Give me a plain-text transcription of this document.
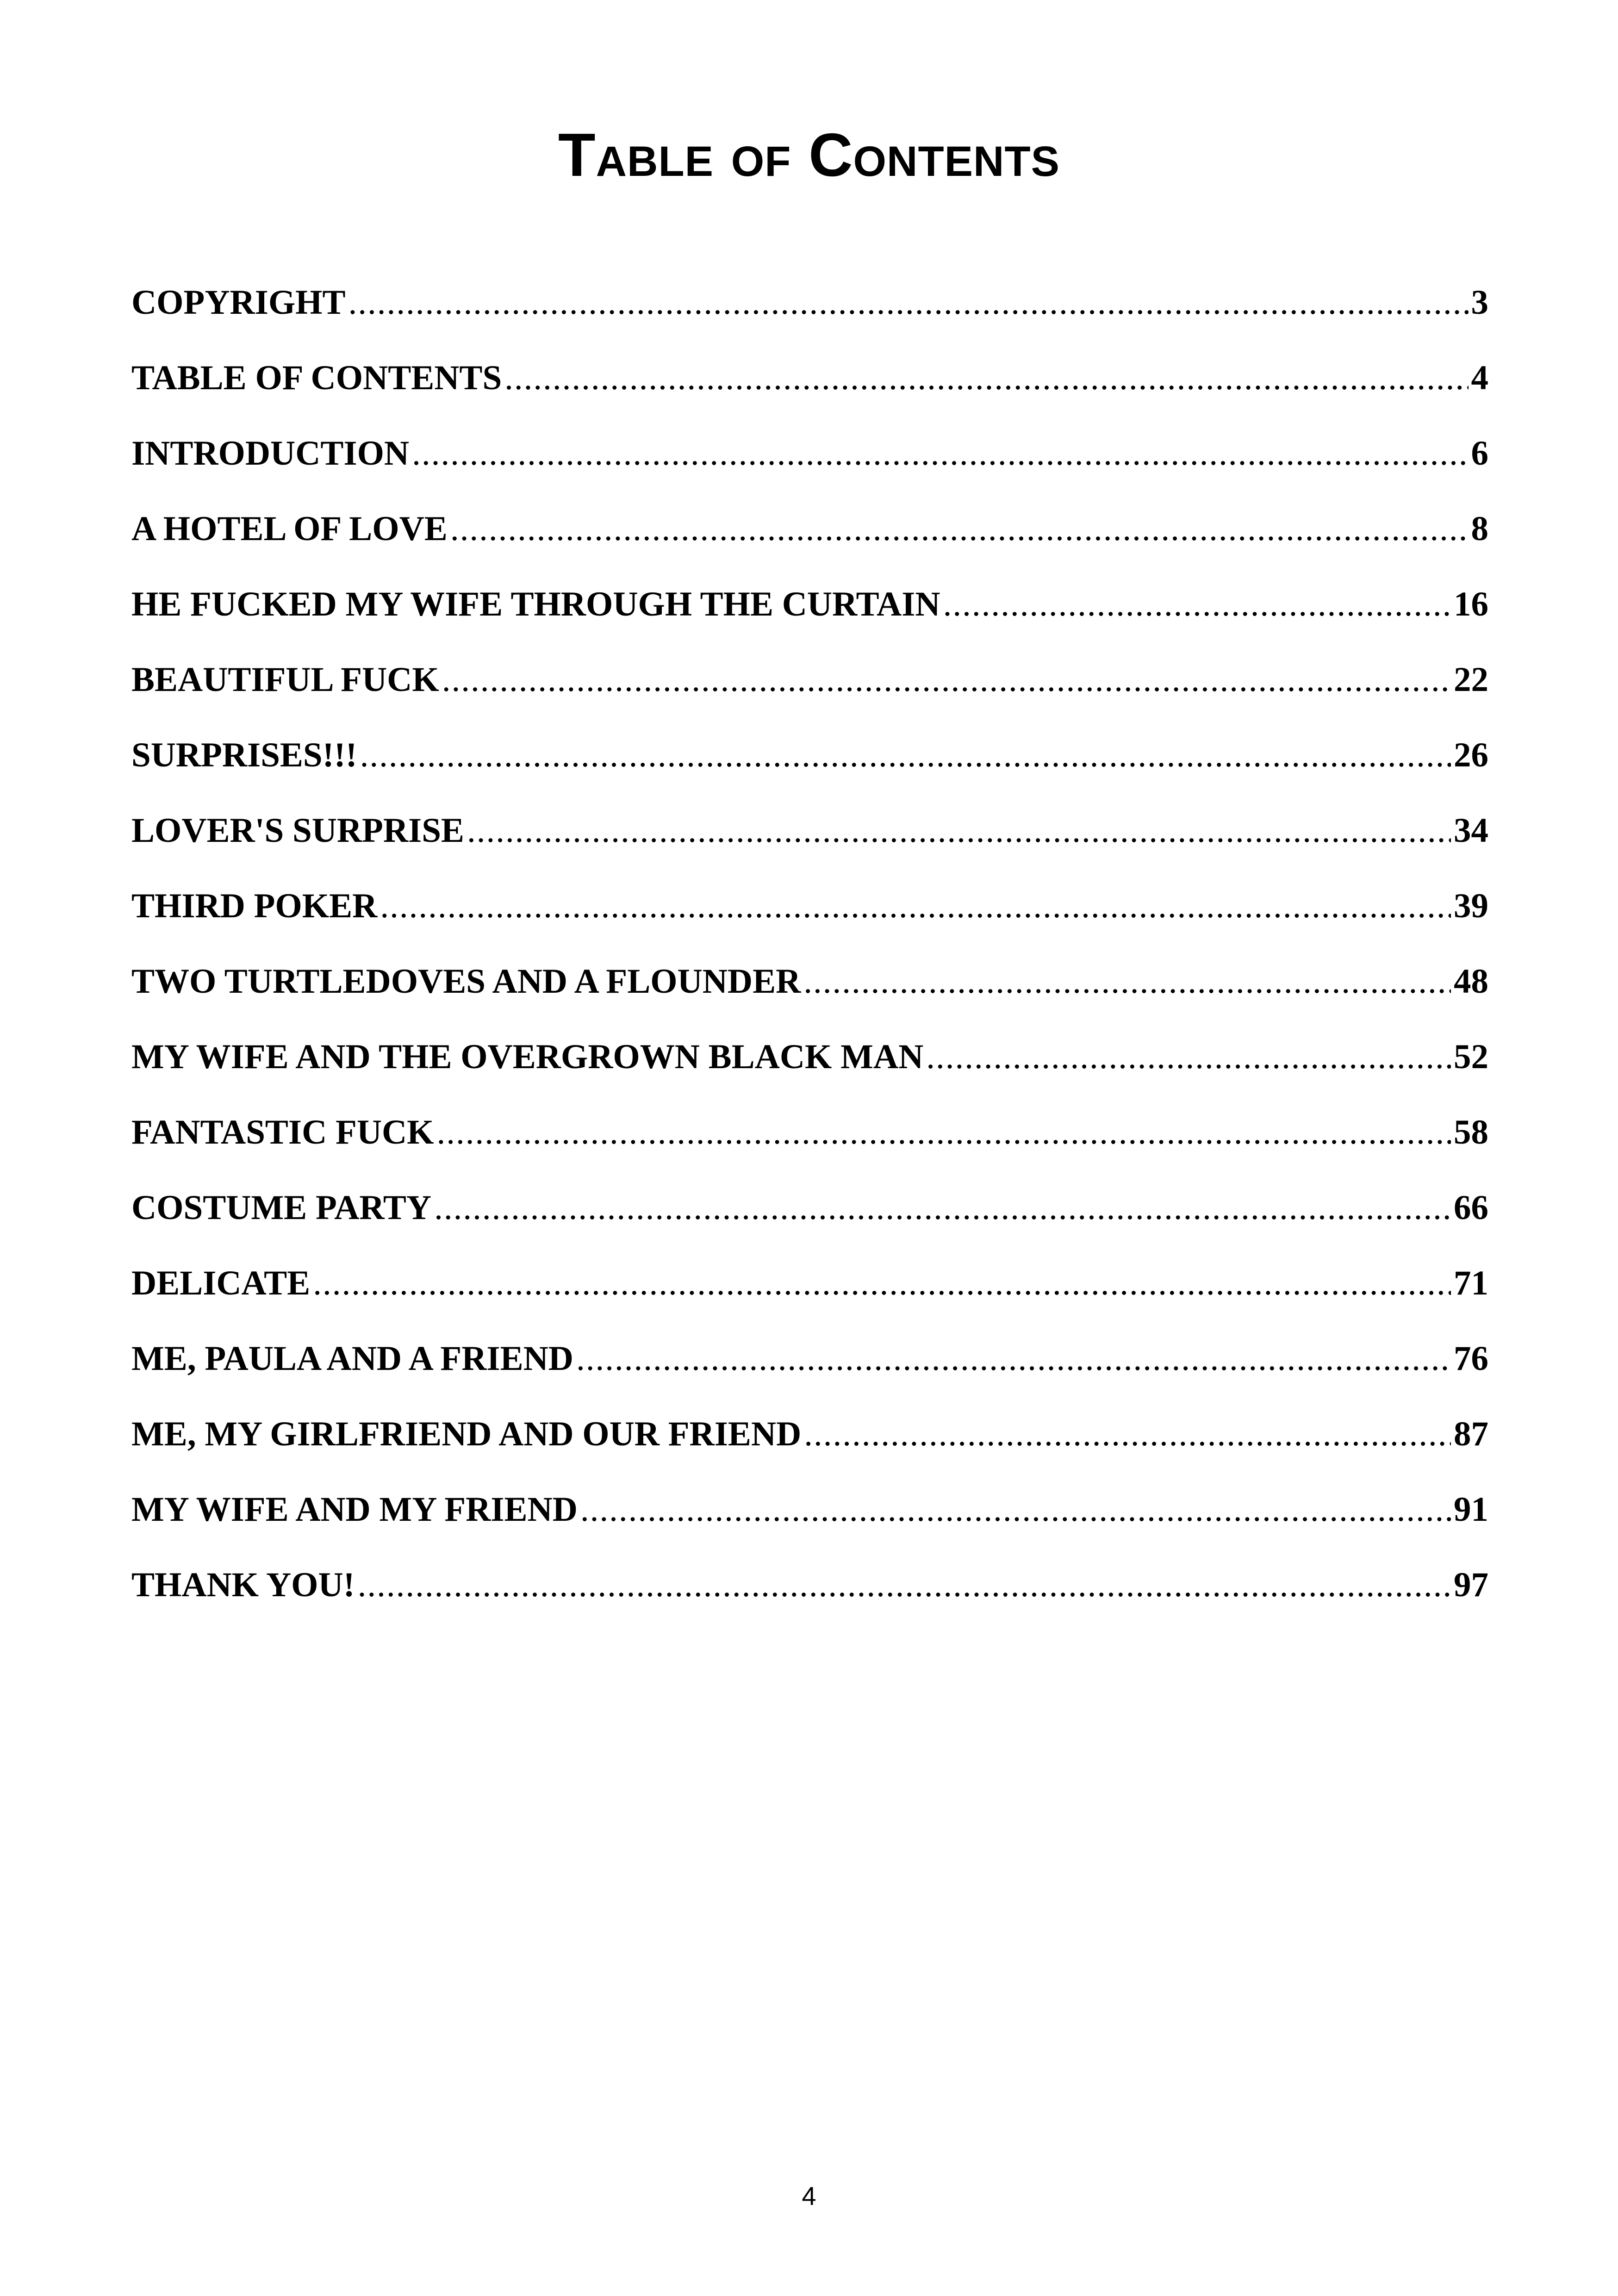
Table of Contents
COPYRIGHT .....	3
TABLE OF CONTENTS .....	4
INTRODUCTION .....	6
A HOTEL OF LOVE .....	8
HE FUCKED MY WIFE THROUGH THE CURTAIN .....	16
BEAUTIFUL FUCK .....	22
SURPRISES!!! .....	26
LOVER'S SURPRISE .....	34
THIRD POKER .....	39
TWO TURTLEDOVES AND A FLOUNDER .....	48
MY WIFE AND THE OVERGROWN BLACK MAN .....	52
FANTASTIC FUCK .....	58
COSTUME PARTY .....	66
DELICATE .....	71
ME, PAULA AND A FRIEND .....	76
ME, MY GIRLFRIEND AND OUR FRIEND .....	87
MY WIFE AND MY FRIEND .....	91
THANK YOU! .....	97
4
